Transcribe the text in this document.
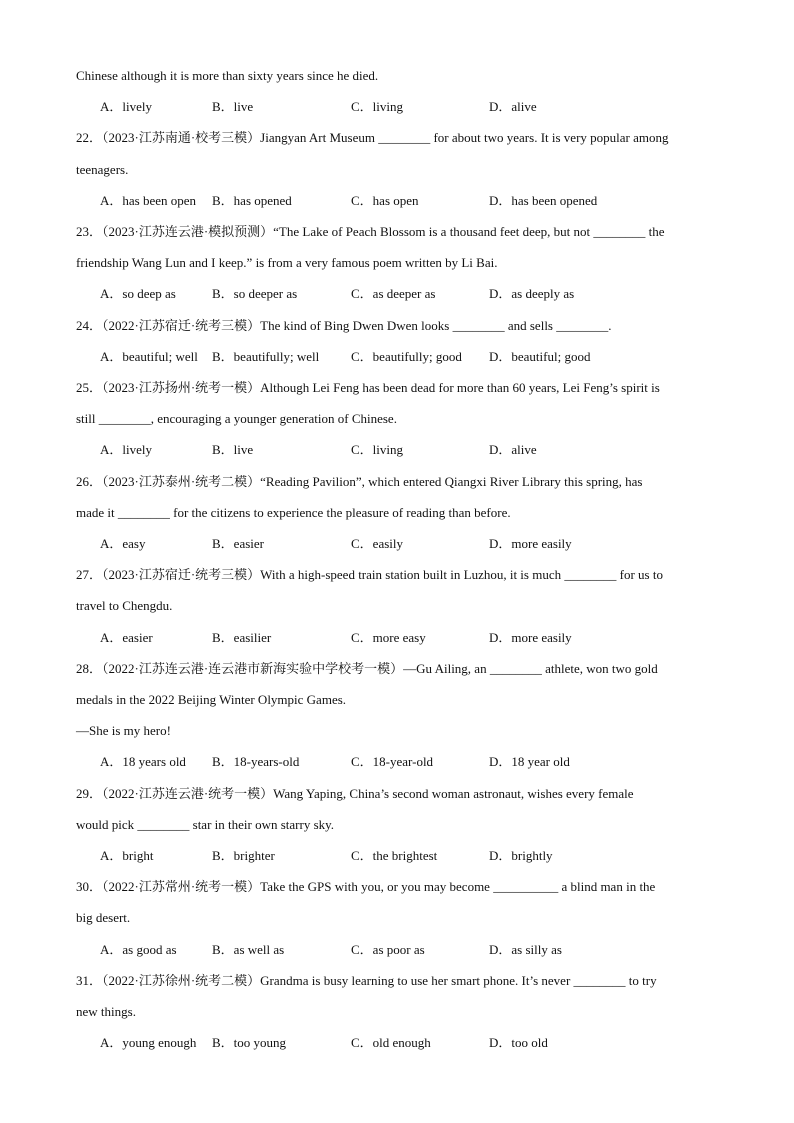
Chinese although it is more than sixty years since he died.
A．lively	B．live	C．living	D．alive
22．（2023·江苏南通·校考三模）Jiangyan Art Museum ________ for about two years. It is very popular among
teenagers.
A．has been open B．has opened	C．has open	D．has been opened
23．（2023·江苏连云港·模拟预测）“The Lake of Peach Blossom is a thousand feet deep, but not ________ the
friendship Wang Lun and I keep.” is from a very famous poem written by Li Bai.
A．so deep as	B．so deeper as	C．as deeper as	D．as deeply as
24．（2022·江苏宿迁·统考三模）The kind of Bing Dwen Dwen looks ________ and sells ________.
A．beautiful; well B．beautifully; well C．beautifully; good D．beautiful; good
25．（2023·江苏扬州·统考一模）Although Lei Feng has been dead for more than 60 years, Lei Feng’s spirit is
still ________, encouraging a younger generation of Chinese.
A．lively	B．live	C．living	D．alive
26．（2023·江苏泰州·统考二模）“Reading Pavilion”, which entered Qiangxi River Library this spring, has
made it ________ for the citizens to experience the pleasure of reading than before.
A．easy	B．easier	C．easily	D．more easily
27．（2023·江苏宿迁·统考三模）With a high-speed train station built in Luzhou, it is much ________ for us to
travel to Chengdu.
A．easier	B．easilier	C．more easy	D．more easily
28．（2022·江苏连云港·连云港市新海实验中学校考一模）—Gu Ailing, an ________ athlete, won two gold
medals in the 2022 Beijing Winter Olympic Games.
—She is my hero!
A．18 years old B．18-years-old	C．18-year-old	D．18 year old
29．（2022·江苏连云港·统考一模）Wang Yaping, China’s second woman astronaut, wishes every female
would pick ________ star in their own starry sky.
A．bright	B．brighter	C．the brightest	D．brightly
30．（2022·江苏常州·统考一模）Take the GPS with you, or you may become __________ a blind man in the
big desert.
A．as good as	B．as well as	C．as poor as	D．as silly as
31．（2022·江苏徐州·统考二模）Grandma is busy learning to use her smart phone. It’s never ________ to try
new things.
A．young enough B．too young	C．old enough	D．too old
